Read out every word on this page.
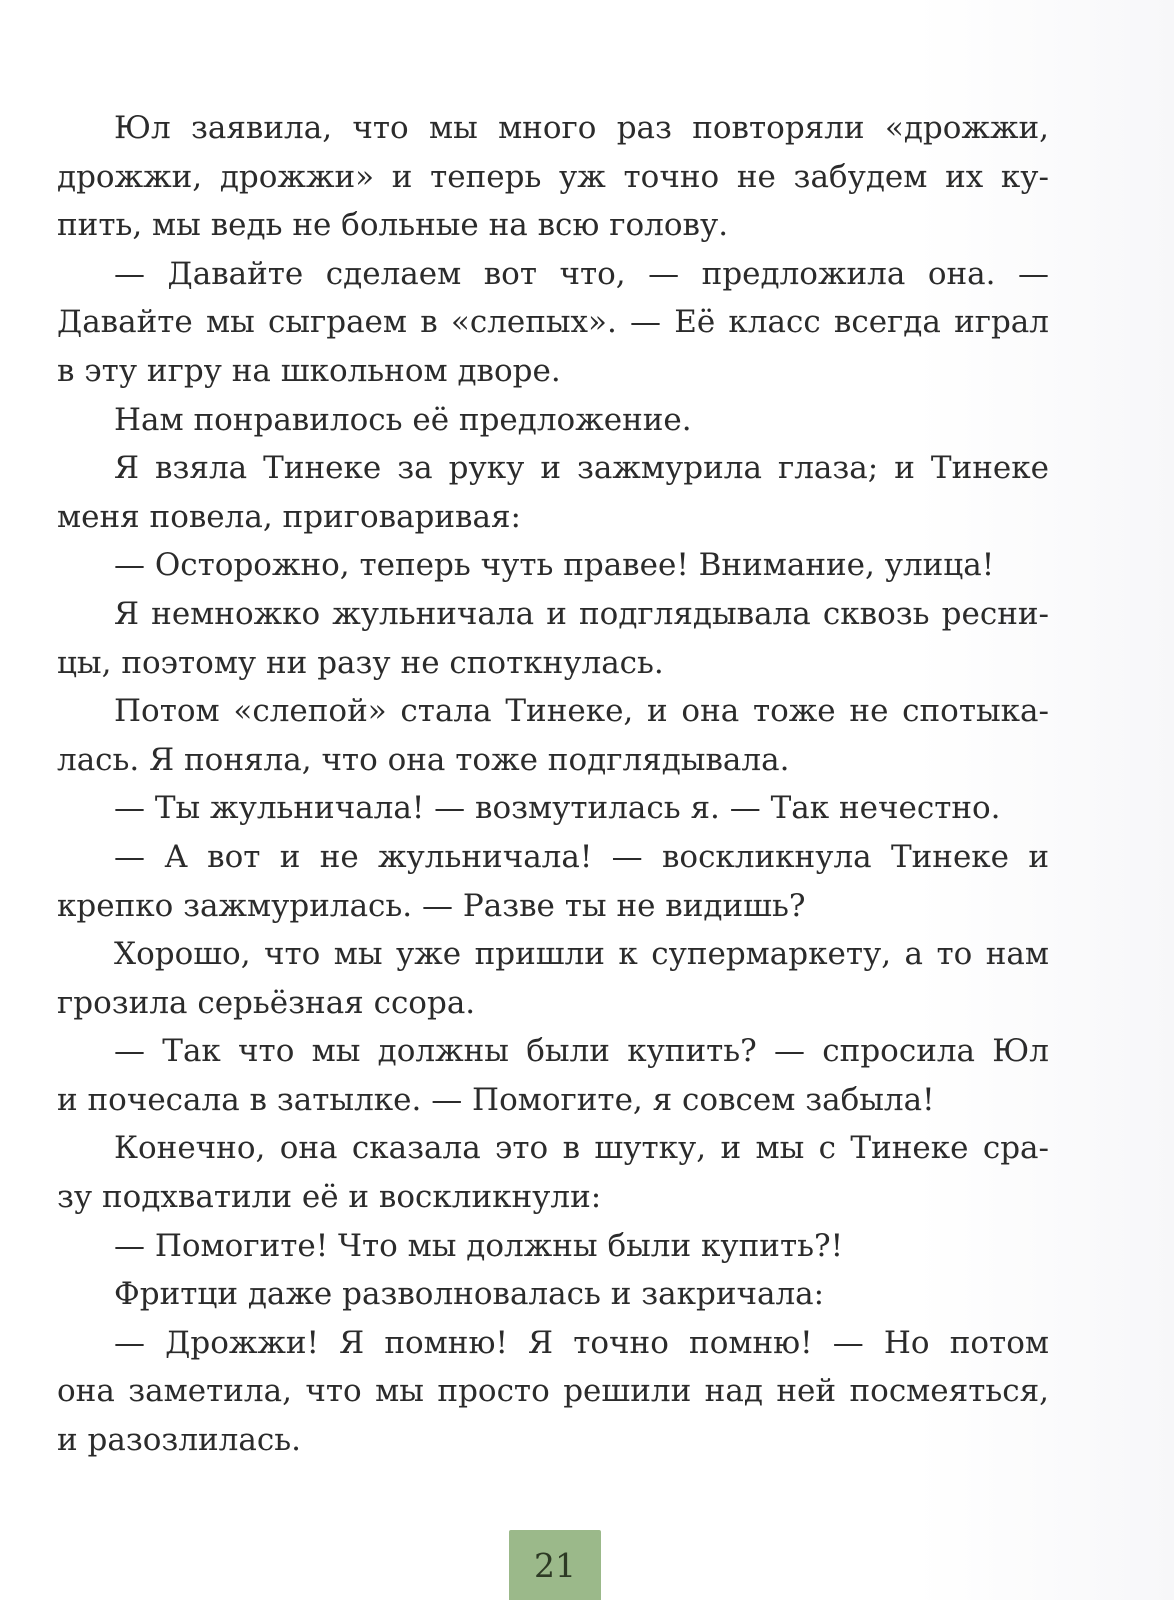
Юл заявила, что мы много раз повторяли «дрожжи,
дрожжи, дрожжи» и теперь уж точно не забудем их ку-
пить, мы ведь не больные на всю голову.
— Давайте сделаем вот что, — предложила она. —
Давайте мы сыграем в «слепых». — Её класс всегда играл
в эту игру на школьном дворе.
Нам понравилось её предложение.
Я взяла Тинеке за руку и зажмурила глаза; и Тинеке
меня повела, приговаривая:
— Осторожно, теперь чуть правее! Внимание, улица!
Я немножко жульничала и подглядывала сквозь ресни-
цы, поэтому ни разу не споткнулась.
Потом «слепой» стала Тинеке, и она тоже не спотыка-
лась. Я поняла, что она тоже подглядывала.
— Ты жульничала! — возмутилась я. — Так нечестно.
— А вот и не жульничала! — воскликнула Тинеке и
крепко зажмурилась. — Разве ты не видишь?
Хорошо, что мы уже пришли к супермаркету, а то нам
грозила серьёзная ссора.
— Так что мы должны были купить? — спросила Юл
и почесала в затылке. — Помогите, я совсем забыла!
Конечно, она сказала это в шутку, и мы с Тинеке сра-
зу подхватили её и воскликнули:
— Помогите! Что мы должны были купить?!
Фритци даже разволновалась и закричала:
— Дрожжи! Я помню! Я точно помню! — Но потом
она заметила, что мы просто решили над ней посмеяться,
и разозлилась.
21
